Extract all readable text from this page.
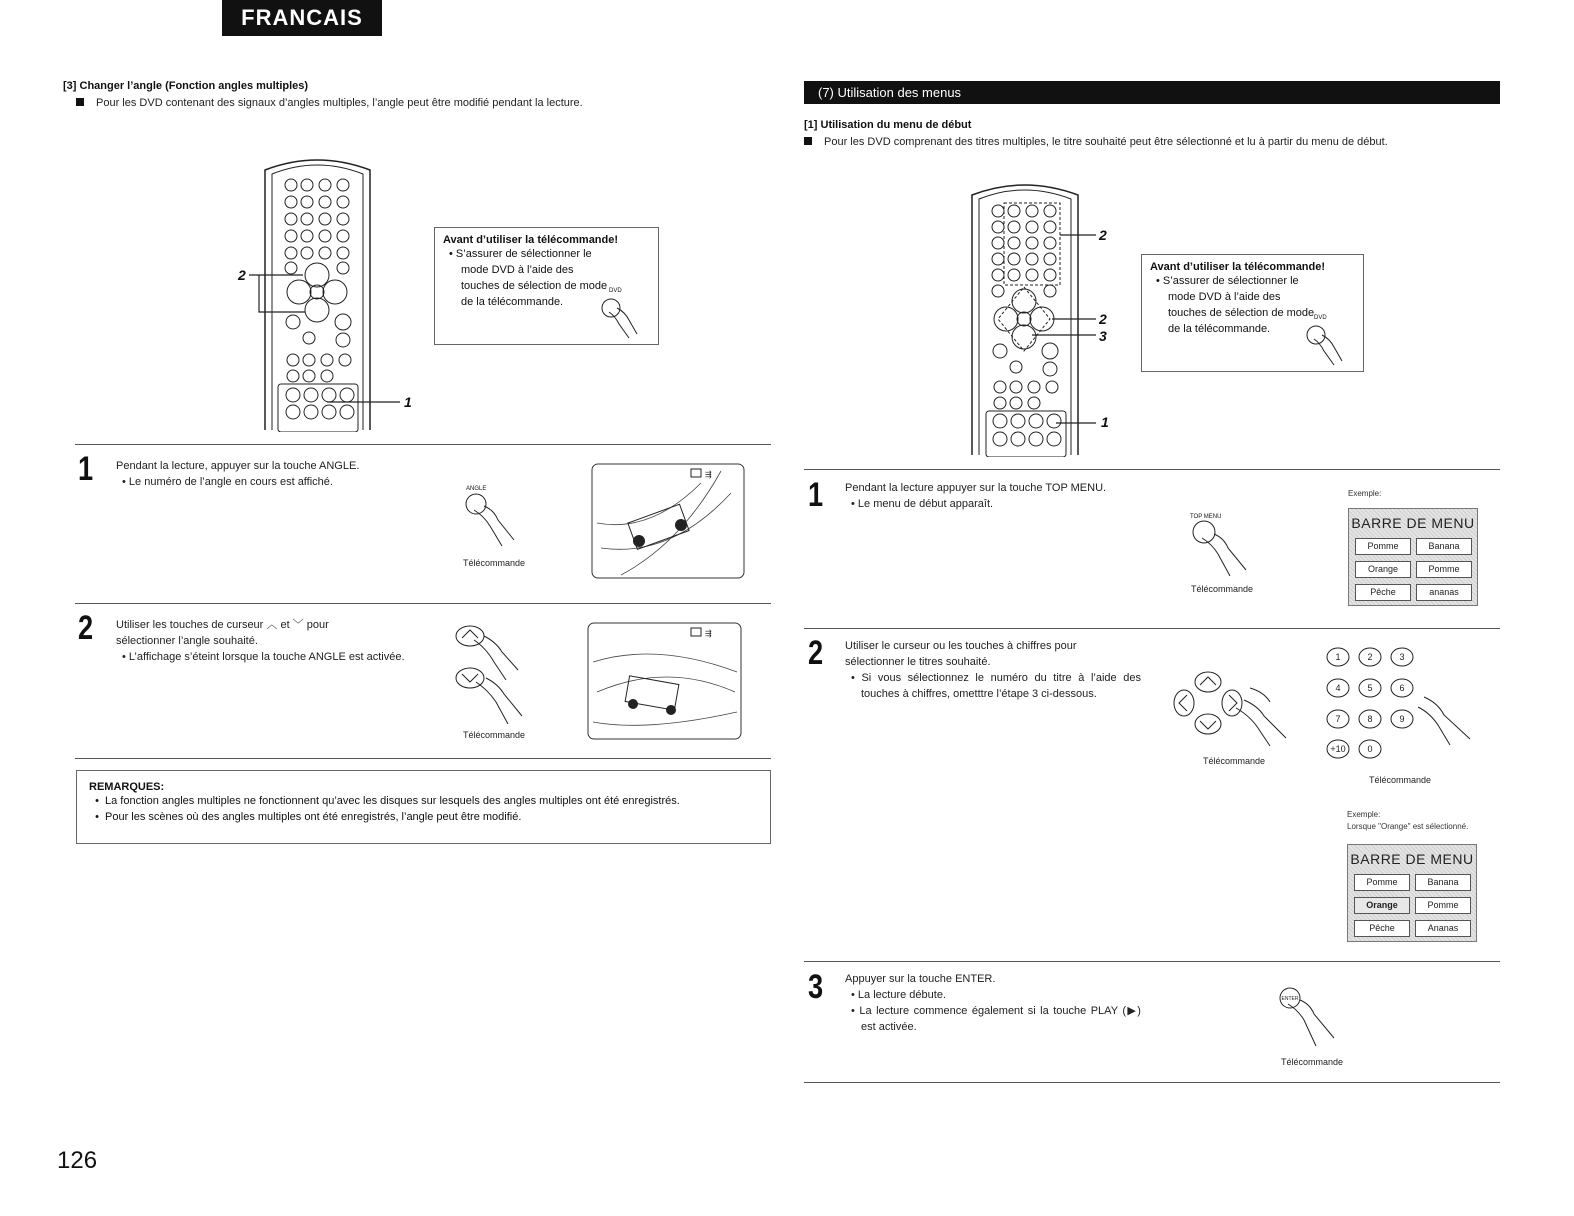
FRANCAIS
[3] Changer l’angle (Fonction angles multiples)
Pour les DVD contenant des signaux d’angles multiples, l’angle peut être modifié pendant la lecture.
2
1
Avant d’utiliser la télécommande!
• S’assurer de sélectionner le mode DVD à l’aide des touches de sélection de mode de la télécommande.
DVD
1 Pendant la lecture, appuyer sur la touche ANGLE.
• Le numéro de l’angle en cours est affiché.
ANGLE
Télécommande
⇶
2 Utiliser les touches de curseur ︿ et ﹀ pour
sélectionner l’angle souhaité.
• L’affichage s’éteint lorsque la touche ANGLE est activée.
Télécommande
⇶
REMARQUES:
• La fonction angles multiples ne fonctionnent qu’avec les disques sur lesquels des angles multiples ont été enregistrés.
• Pour les scènes où des angles multiples ont été enregistrés, l’angle peut être modifié.
(7) Utilisation des menus
[1] Utilisation du menu de début
Pour les DVD comprenant des titres multiples, le titre souhaité peut être sélectionné et lu à partir du menu de début.
2
2
3
1
Avant d’utiliser la télécommande!
• S’assurer de sélectionner le mode DVD à l’aide des touches de sélection de mode de la télécommande.
DVD
1 Pendant la lecture appuyer sur la touche TOP MENU.
• Le menu de début apparaît.
TOP MENU
Télécommande
Exemple:
BARRE DE MENU
Pomme	Banana
Orange	Pomme
Pêche	ananas
2 Utiliser le curseur ou les touches à chiffres pour
sélectionner le titres souhaité.
• Si vous sélectionnez le numéro du titre à l’aide des touches à chiffres, ometttre l’étape 3 ci-dessous.
Télécommande
1	2	3
4	5	6
7	8	9
+10 0
Télécommande
Exemple:
Lorsque "Orange" est sélectionné.
BARRE DE MENU
Pomme	Banana
Orange	Pomme
Pêche	Ananas
3 Appuyer sur la touche ENTER.
• La lecture débute.
• La lecture commence également si la touche PLAY (▶) est activée.
ENTER
Télécommande
126
